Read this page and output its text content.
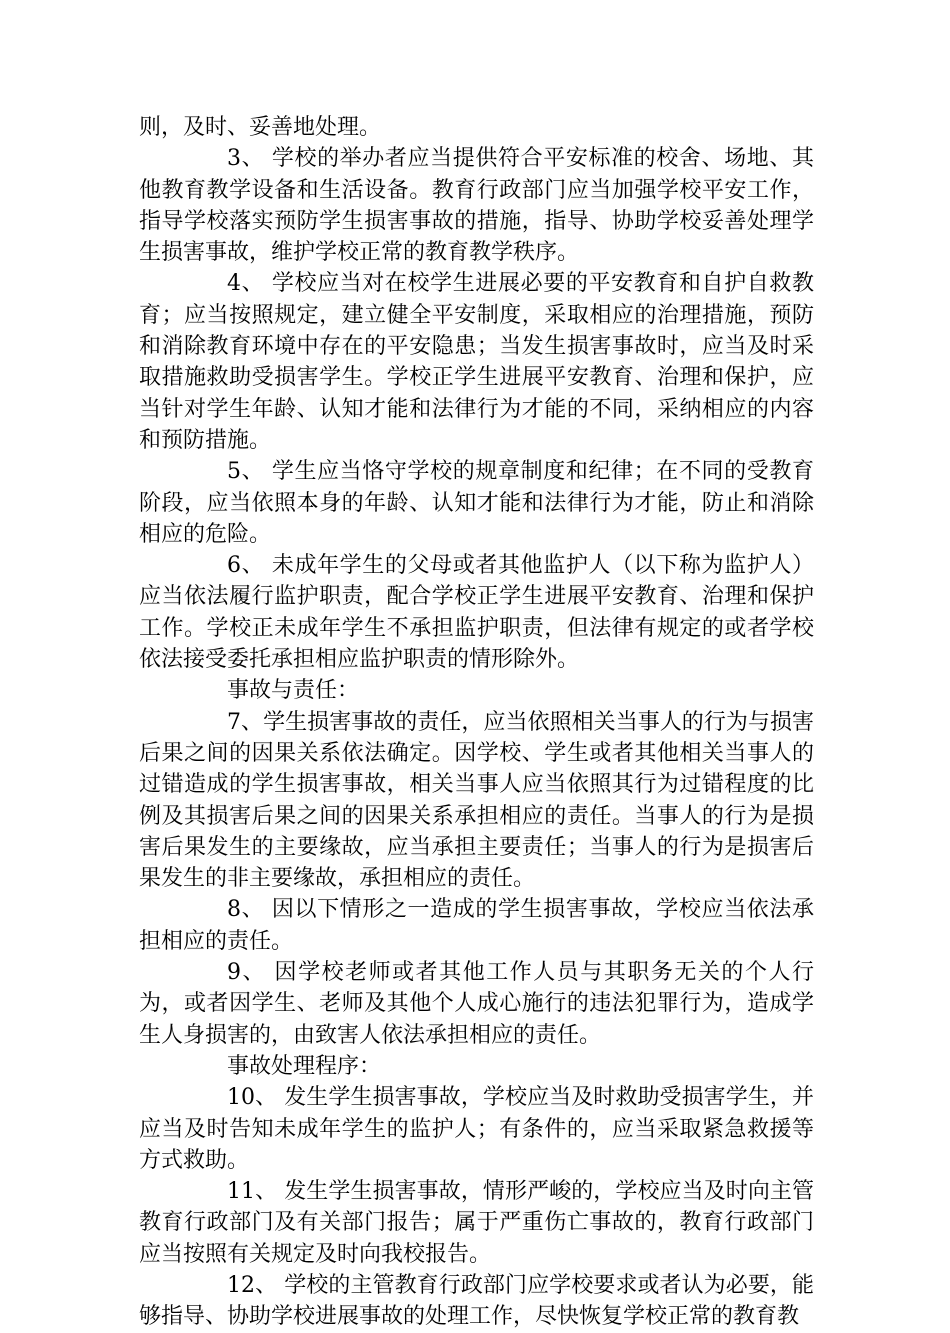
则，及时、妥善地处理。

3、 学校的举办者应当提供符合平安标准的校舍、场地、其他教育教学设备和生活设备。教育行政部门应当加强学校平安工作，指导学校落实预防学生损害事故的措施，指导、协助学校妥善处理学生损害事故，维护学校正常的教育教学秩序。

4、 学校应当对在校学生进展必要的平安教育和自护自救教育；应当按照规定，建立健全平安制度，采取相应的治理措施，预防和消除教育环境中存在的平安隐患；当发生损害事故时，应当及时采取措施救助受损害学生。学校正学生进展平安教育、治理和保护，应当针对学生年龄、认知才能和法律行为才能的不同，采纳相应的内容和预防措施。

5、 学生应当恪守学校的规章制度和纪律；在不同的受教育阶段，应当依照本身的年龄、认知才能和法律行为才能，防止和消除相应的危险。

6、 未成年学生的父母或者其他监护人（以下称为监护人）应当依法履行监护职责，配合学校正学生进展平安教育、治理和保护工作。学校正未成年学生不承担监护职责，但法律有规定的或者学校依法接受委托承担相应监护职责的情形除外。

事故与责任：

7、学生损害事故的责任，应当依照相关当事人的行为与损害后果之间的因果关系依法确定。因学校、学生或者其他相关当事人的过错造成的学生损害事故，相关当事人应当依照其行为过错程度的比例及其损害后果之间的因果关系承担相应的责任。当事人的行为是损害后果发生的主要缘故，应当承担主要责任；当事人的行为是损害后果发生的非主要缘故，承担相应的责任。

8、 因以下情形之一造成的学生损害事故，学校应当依法承担相应的责任。

9、 因学校老师或者其他工作人员与其职务无关的个人行为，或者因学生、老师及其他个人成心施行的违法犯罪行为，造成学生人身损害的，由致害人依法承担相应的责任。

事故处理程序：

10、 发生学生损害事故，学校应当及时救助受损害学生，并应当及时告知未成年学生的监护人；有条件的，应当采取紧急救援等方式救助。

11、 发生学生损害事故，情形严峻的，学校应当及时向主管教育行政部门及有关部门报告；属于严重伤亡事故的，教育行政部门应当按照有关规定及时向我校报告。

12、 学校的主管教育行政部门应学校要求或者认为必要，能够指导、协助学校进展事故的处理工作，尽快恢复学校正常的教育教
